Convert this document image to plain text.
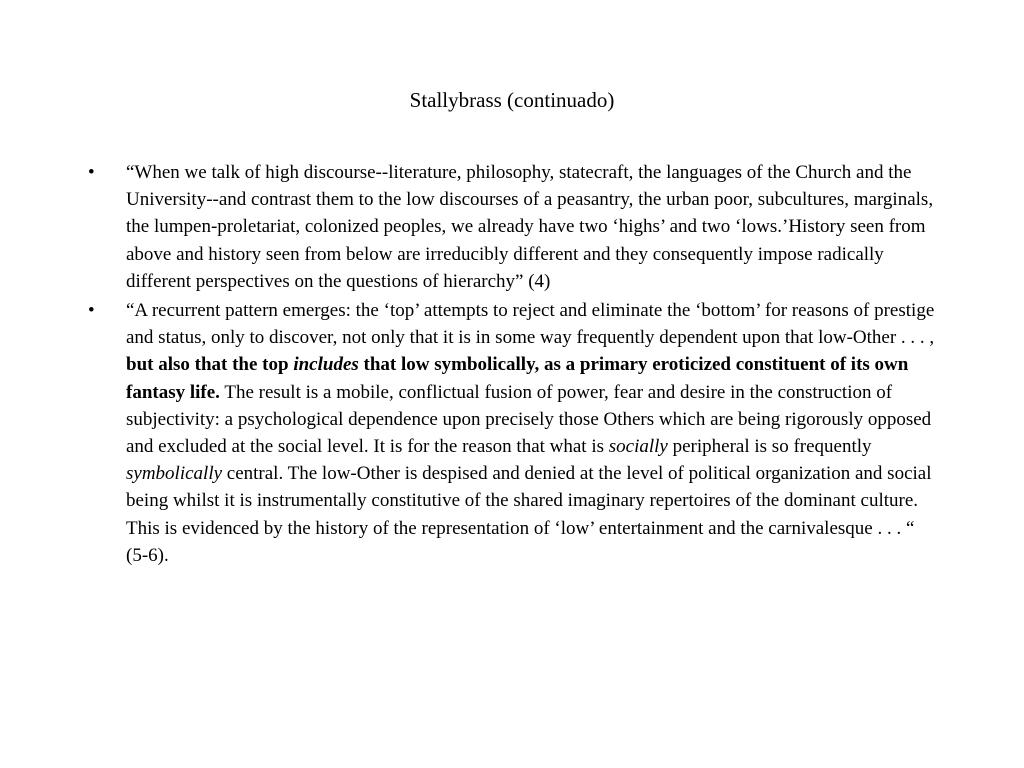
Stallybrass (continuado)
• “When we talk of high discourse--literature, philosophy, statecraft, the languages of the Church and the University--and contrast them to the low discourses of a peasantry, the urban poor, subcultures, marginals, the lumpen-proletariat, colonized peoples, we already have two ‘highs’ and two ‘lows.’History seen from above and history seen from below are irreducibly different and they consequently impose radically different perspectives on the questions of hierarchy” (4)
• “A recurrent pattern emerges: the ‘top’ attempts to reject and eliminate the ‘bottom’ for reasons of prestige and status, only to discover, not only that it is in some way frequently dependent upon that low-Other . . . , but also that the top includes that low symbolically, as a primary eroticized constituent of its own fantasy life. The result is a mobile, conflictual fusion of power, fear and desire in the construction of subjectivity: a psychological dependence upon precisely those Others which are being rigorously opposed and excluded at the social level. It is for the reason that what is socially peripheral is so frequently symbolically central. The low-Other is despised and denied at the level of political organization and social being whilst it is instrumentally constitutive of the shared imaginary repertoires of the dominant culture. This is evidenced by the history of the representation of ‘low’ entertainment and the carnivalesque . . . “ (5-6).
